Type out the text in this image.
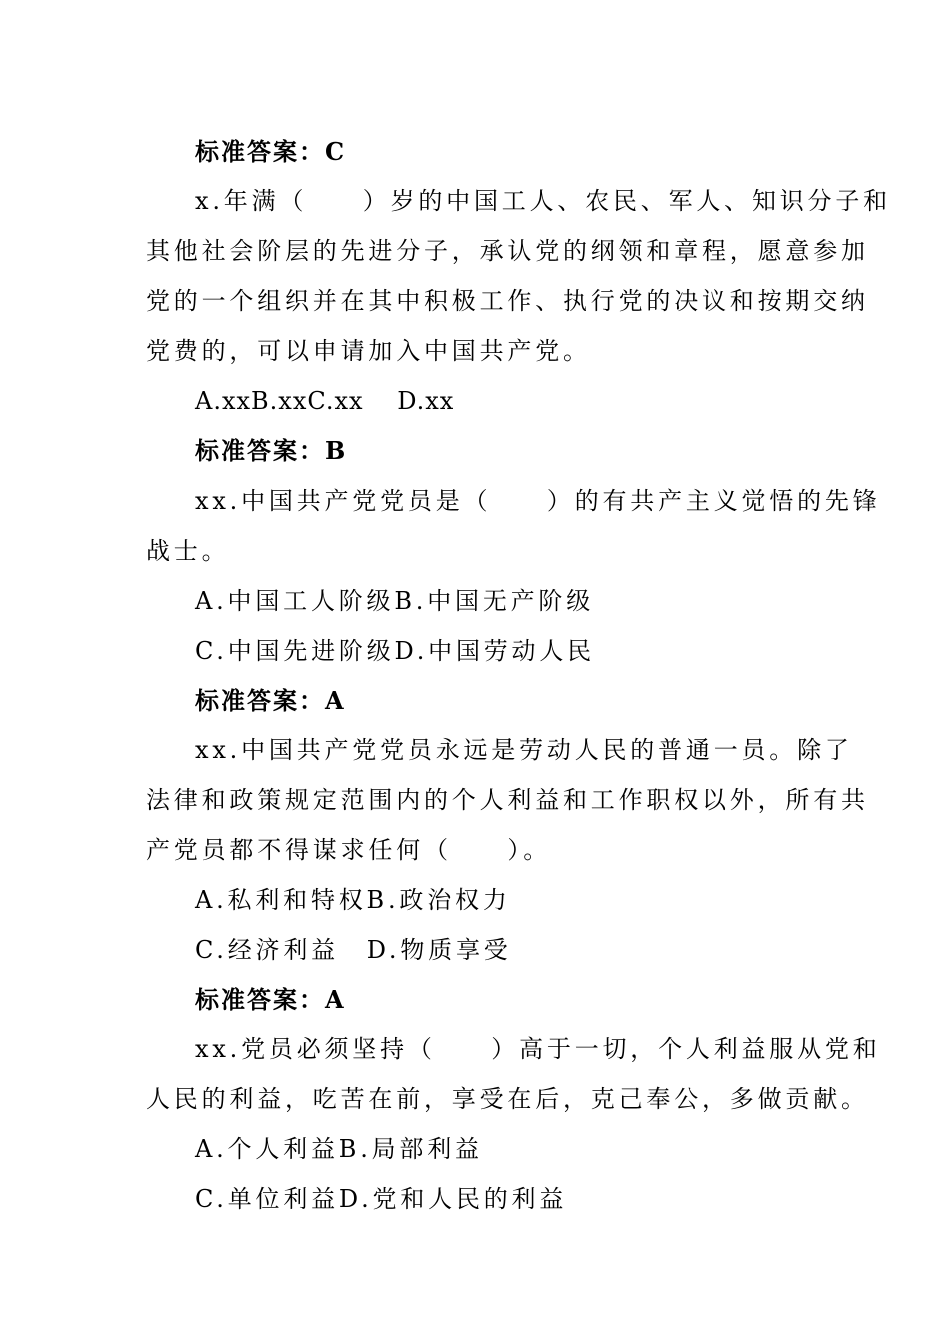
标准答案：C
x.年满（　　）岁的中国工人、农民、军人、知识分子和
其他社会阶层的先进分子，承认党的纲领和章程，愿意参加
党的一个组织并在其中积极工作、执行党的决议和按期交纳
党费的，可以申请加入中国共产党。
A.xxB.xxC.xx　 D.xx
标准答案：B
xx.中国共产党党员是（　　）的有共产主义觉悟的先锋
战士。
A.中国工人阶级B.中国无产阶级
C.中国先进阶级D.中国劳动人民
标准答案：A
xx.中国共产党党员永远是劳动人民的普通一员。除了
法律和政策规定范围内的个人利益和工作职权以外，所有共
产党员都不得谋求任何（　　）。
A.私利和特权B.政治权力
C.经济利益　D.物质享受
标准答案：A
xx.党员必须坚持（　　）高于一切，个人利益服从党和
人民的利益，吃苦在前，享受在后，克己奉公，多做贡献。
A.个人利益B.局部利益
C.单位利益D.党和人民的利益
